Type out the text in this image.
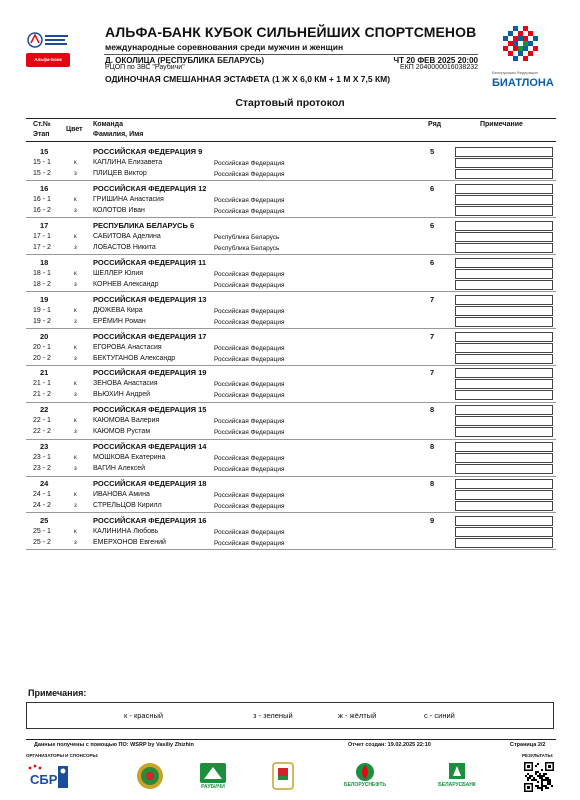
Альфа-Банк
АЛЬФА-БАНК КУБОК СИЛЬНЕЙШИХ СПОРТСМЕНОВ
международные соревнования среди мужчин и женщин
Д. ОКОЛИЦА (РЕСПУБЛИКА БЕЛАРУСЬ)	ЧТ 20 ФЕВ 2025 20:00
РЦОП по ЗВС "Раубичи"	ЕКП 2040000016038232
ОДИНОЧНАЯ СМЕШАННАЯ ЭСТАФЕТА (1 Ж Х 6,0 КМ + 1 М Х 7,5 КМ)
Белорусская Федерация
БИАТЛОНА
Стартовый протокол
Ст.№
Этап
Цвет
Команда
Фамилия, Имя
Ряд	Примечание
15	РОССИЙСКАЯ ФЕДЕРАЦИЯ 9	5
15 - 1	к КАПЛИНА Елизавета	Российская Федерация
15 - 2	з ПЛИЦЕВ Виктор	Российская Федерация
16	РОССИЙСКАЯ ФЕДЕРАЦИЯ 12	6
16 - 1	к ГРИШИНА Анастасия	Российская Федерация
16 - 2	з КОЛОТОВ Иван	Российская Федерация
17	РЕСПУБЛИКА БЕЛАРУСЬ 6	6
17 - 1	к САБИТОВА Аделина	Республика Беларусь
17 - 2	з ЛОБАСТОВ Никита	Республика Беларусь
18	РОССИЙСКАЯ ФЕДЕРАЦИЯ 11	6
18 - 1	к ШЕЛЛЕР Юлия	Российская Федерация
18 - 2	з КОРНЕВ Александр	Российская Федерация
19	РОССИЙСКАЯ ФЕДЕРАЦИЯ 13	7
19 - 1	к ДЮЖЕВА Кира	Российская Федерация
19 - 2	з ЕРЁМИН Роман	Российская Федерация
20	РОССИЙСКАЯ ФЕДЕРАЦИЯ 17	7
20 - 1	к ЕГОРОВА Анастасия	Российская Федерация
20 - 2	з БЕКТУГАНОВ Александр	Российская Федерация
21	РОССИЙСКАЯ ФЕДЕРАЦИЯ 19	7
21 - 1	к ЗЕНОВА Анастасия	Российская Федерация
21 - 2	з ВЬЮХИН Андрей	Российская Федерация
22	РОССИЙСКАЯ ФЕДЕРАЦИЯ 15	8
22 - 1	к КАЮМОВА Валерия	Российская Федерация
22 - 2	з КАЮМОВ Рустам	Российская Федерация
23	РОССИЙСКАЯ ФЕДЕРАЦИЯ 14	8
23 - 1	к МОШКОВА Екатерина	Российская Федерация
23 - 2	з ВАГИН Алексей	Российская Федерация
24	РОССИЙСКАЯ ФЕДЕРАЦИЯ 18	8
24 - 1	к ИВАНОВА Амина	Российская Федерация
24 - 2	з СТРЕЛЬЦОВ Кирилл	Российская Федерация
25	РОССИЙСКАЯ ФЕДЕРАЦИЯ 16	9
25 - 1	к КАЛИНИНА Любовь	Российская Федерация
25 - 2	з ЕМЕРХОНОВ Евгений	Российская Федерация
Примечания:
к - красный	з - зеленый	ж - жёлтый	с - синий
Данные получены с помощью ПО: WSRP by Vasiliy Zhizhin	Отчет создан: 19.02.2025 22:10	Страница 2/2
ОРГАНИЗАТОРЫ И СПОНСОРЫ:	РЕЗУЛЬТАТЫ:
СБР	РАУБИЧИ	БЕЛОРУСНЕФТЬ	БЕЛАРУСБАНК
